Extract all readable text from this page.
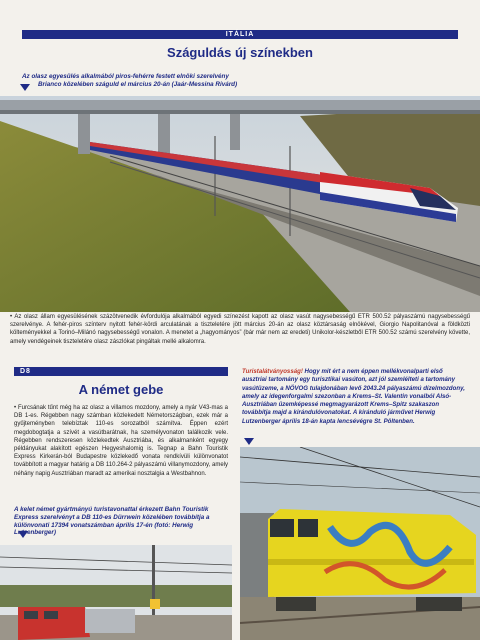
ITÁLIA
Száguldás új színekben
Az olasz egyesülés alkalmából piros-fehérre festett elnöki szerelvény
Brianco közelében száguld el március 20-án (Jaár-Messina Rivárd)
• Az olasz állam egyesülésének százötvenedik évfordulója alkalmából egyedi színezést kapott az olasz vasút nagysebességű ETR 500.52 pályaszámú nagysebességű szerelvénye. A fehér-piros színterv nyitott fehér-kördi arculatának a tiszteletére jött március 20-án az olasz köztársaság elnökével, Giorgio Napolitanóval a földközti költeményekkel a Torinó–Milánó nagysebességű vonalon. A menetet a „hagyományos” (bár már nem az eredeti) Unikolor-készletből ETR 500.52 számú szerelvény követte, amely vendégeinek tiszteletére olasz zászlókat pingáltak mellé alkalomra.
D8
A német gebe
• Furcsának tűnt még ha az olasz a villamos mozdony, amely a nyár V43-mas a DB 1-es. Régebben nagy számban közlekedett Németországban, ezek már a gyűjteményben telebíztak 110-es sorozatból számítva. Éppen ezért megdobogtatja a szívét a vasútbarátnak, ha személyvonaton találkozik vele. Régebben rendszeresen közlekedtek Ausztriába, és alkalmanként egyegy példányukat alakított egészen Hegyeshalomig is. Tegnap a Bahn Touristik Express Kirkerán-ból Budapestre közlekedő vonata rendkívüli különvonatot továbbított a magyar határig a DB 110.264-2 pályaszámú villanymozdony, amely néhány napig Ausztriában maradt az amerikai nosztalgia a Westbahnon.
A kelet német gyártmányú turistavonattal érkezett Bahn Touristik Express szerelvényt a DB 110-es Dürrwein közelében továbbítja a különvonati 17394 vonatszámban április 17-én (fotó: Herwig Lutzenberger)
Turistalátványosság! Hogy mit ért a nem éppen mellékvonalparti első ausztriai tartomány egy turisztikai vasúton, azt jól szemlélteti a tartomány vasútüzeme, a NÖVOG tulajdonában levő 2043.24 pályaszámú dízelmozdony, amely az idegenforgalmi szezonban a Krems–St. Valentin vonalból Alsó-Ausztriában üzemképessé megmagyarázott Krems–Spitz szakaszon továbbítja majd a kirándulóvonatokat. A kiránduló járművet Herwig Lutzenberger április 18-án kapta lencsévégre St. Pöltenben.
